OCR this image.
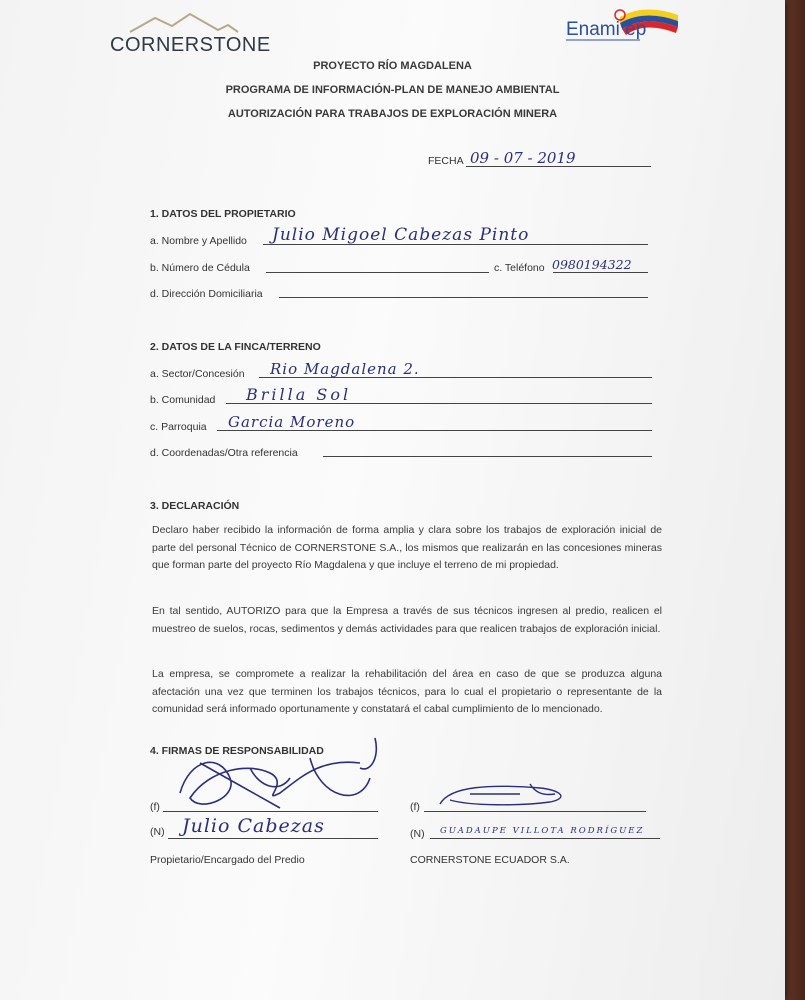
CORNERSTONE
Enami ep
PROYECTO RÍO MAGDALENA
PROGRAMA DE INFORMACIÓN-PLAN DE MANEJO AMBIENTAL
AUTORIZACIÓN PARA TRABAJOS DE EXPLORACIÓN MINERA
FECHA 09 - 07 - 2019
1. DATOS DEL PROPIETARIO
a. Nombre y Apellido Julio Migoel Cabezas Pinto
b. Número de Cédula	c. Teléfono 0980194322
d. Dirección Domiciliaria
2. DATOS DE LA FINCA/TERRENO
a. Sector/Concesión Rio Magdalena 2.
b. Comunidad Brilla Sol
c. Parroquia Garcia Moreno
d. Coordenadas/Otra referencia
3. DECLARACIÓN
Declaro haber recibido la información de forma amplia y clara sobre los trabajos de exploración inicial de parte del personal Técnico de CORNERSTONE S.A., los mismos que realizarán en las concesiones mineras que forman parte del proyecto Río Magdalena y que incluye el terreno de mi propiedad.
En tal sentido, AUTORIZO para que la Empresa a través de sus técnicos ingresen al predio, realicen el muestreo de suelos, rocas, sedimentos y demás actividades para que realicen trabajos de exploración inicial.
La empresa, se compromete a realizar la rehabilitación del área en caso de que se produzca alguna afectación una vez que terminen los trabajos técnicos, para lo cual el propietario o representante de la comunidad será informado oportunamente y constatará el cabal cumplimiento de lo mencionado.
4. FIRMAS DE RESPONSABILIDAD
(f)
(N) Julio Cabezas
Propietario/Encargado del Predio
(f)
(N) GUADAUPE VILLOTA RODRÍGUEZ
CORNERSTONE ECUADOR S.A.
